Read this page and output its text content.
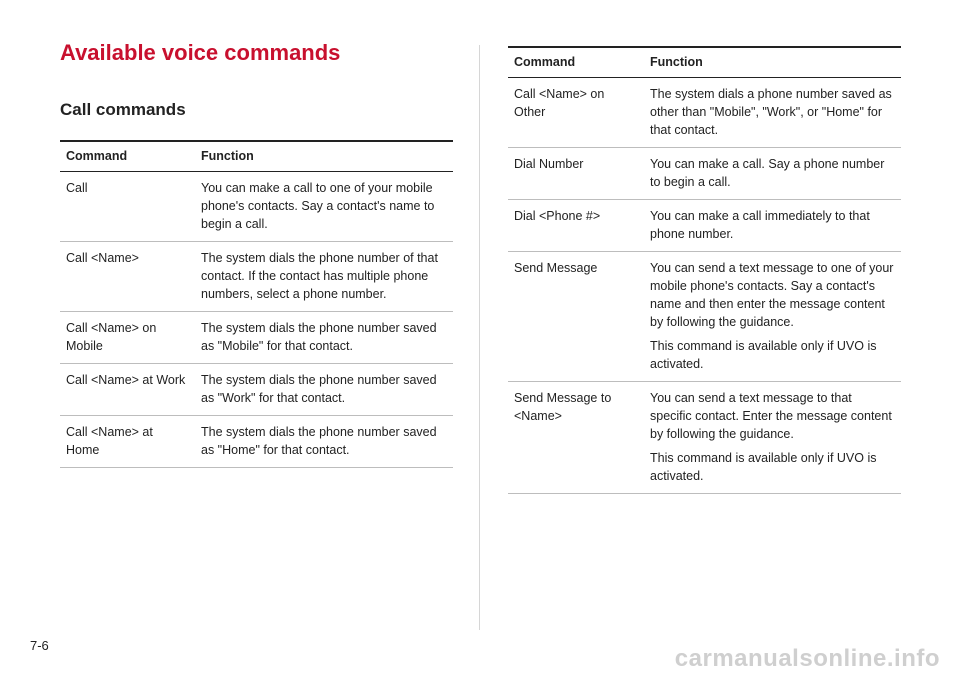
Available voice commands
Call commands
Command	Function
Call	You can make a call to one of your mobile phone's contacts. Say a contact's name to begin a call.

Call <Name>	The system dials the phone number of that contact. If the contact has multiple phone numbers, select a phone number.

Call <Name> on Mobile	The system dials the phone number saved as "Mobile" for that contact.

Call <Name> at Work	The system dials the phone number saved as "Work" for that contact.

Call <Name> at Home	The system dials the phone number saved as "Home" for that contact.

Command	Function
Call <Name> on Other	The system dials a phone number saved as other than "Mobile", "Work", or "Home" for that contact.

Dial Number	You can make a call. Say a phone number to begin a call.

Dial <Phone #>	You can make a call immediately to that phone number.

Send Message	You can send a text message to one of your mobile phone's contacts. Say a contact's name and then enter the message content by following the guidance.

This command is available only if UVO is activated.

Send Message to <Name>	You can send a text message to that specific contact. Enter the message content by following the guidance.

This command is available only if UVO is activated.

7-6	carmanualsonline.info
